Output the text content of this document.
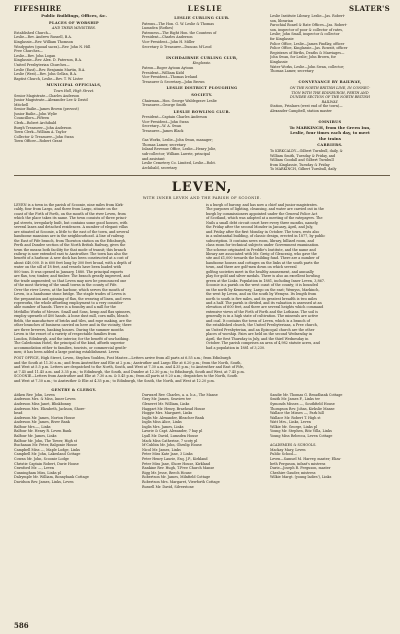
FIFESHIRE	LESLIE	SLATER'S
Public Buildings, Offices, &c.
PLACES OF WORSHIP
AND THEIR MINISTERS.
Established Church—
Leslie—Rev. Andrew Russell, B.A.
Kinglassie—Rev. William Thomson
Windygates (quoad sacra)—Rev. John N. Hill
Free Churches—
Leslie—Rev. John Logan
Kinglassie—Rev. Alex. D. Paterson, B.A.
United Presbyterian Churches—
Leslie (East)—Rev. Benjamin Martin, B.A.
Leslie (West)—Rev. John Gellan, B.A.
Baptist Church, Leslie—Rev. T. W. Lister
MUNICIPAL OFFICIALS,
Town Hall, High Street.
Senior Magistrate—Charles Anderson
Junior Magistrate—Alexander Lee & David
Mitchell
Senior Bailie—James Brown (provost)
Junior Bailie—John Wylie
Councillors—Fifteen
Clerk—Robert Archibald
Burgh Treasurer—John Anderson
Town Clerk—William A. Taylor
Collector & Treasurer—John Swan
Town Officer—Robert Grant
LESLIE CURLING CLUB.
Patrons—The Hon. G. W. Leslie & Thomas
Lumsden (Rothes)
Patroness—The Right Hon. the Countess of
President—Charles Anderson
Vice-President—John H. Miller
Secretary & Treasurer—Duncan M'Leod

INCHDAIRNIE CURLING CLUB,
Kinglassie.
Patron—Roger Aytoun Aytoun
President—William Kidd
Vice-President—Thomas Ireland
Treasurer & Secretary—John Brown
LESLIE DISTRICT PLOUGHING
SOCIETY.
Chairman—Hon. George Waldegrave Leslie
Treasurer—George Smith
LESLIE BOWLING CLUB.
President—Captain Charles Anderson
Vice-President—John Swan
Secretary—W. A. Swan
Treasurer—James Black

Gas Works, Leslie—John Swan, manager;
Thomas Lamer, secretary
Inland Revenue Office, Leslie—Henry Jolie,
sub-collector; William Lawrie, principal
and assistant
Leslie Cemetery Co. Limited, Leslie—Robt.
Archibald, secretary
Leslie Institute Library, Leslie—Jas. Robert-
son, librarian
Parochial Board & Rate Offices—Jas. Robert-
son, inspector of poor & collector of rates,
Leslie; John Small, inspector & collector
for Kinglassie
Police Office, Leslie—James Findlay, officer
Police Office, Kinglassie—Jas. Rowatt, officer
Registrars of Births, Deaths & Marriages—
John Swan, for Leslie; John Brown, for
Kinglassie
Water Works, Leslie—John Swan, collector;
Thomas Lamer, secretary

CONVEYANCE BY RAILWAY,
ON THE NORTH BRITISH LINE, IN CONNEC-
TION WITH THE EDINBURGH, PERTH AND
DUNDEE SECTION OF THE NORTH BRITISH
RAILWAY.
Station, Prinlaws (west end of the town)—
Alexander Campbell, station master

OMNIBUS
To MARKINCH, from the Green Inn,
Leslie, four times each day, to meet
the trains
CARRIERS.
To KIRKCALDY—Gilbert Turnbull, daily, &
William Smith, Tuesday & Friday, and
William Goodall and Gilbert Turnbull
from Kinglassie, Tuesday & Friday
To MARKINCH, Gilbert Turnbull, daily
LEVEN,
WITH INNER LEVEN AND THE PARISH OF SCOONIE.
LEVEN is a town in the parish of Scoonie, nine miles from Kirk-
caldy, four from Largo, and three from Largo, situate on the
coast of the Firth of Forth, on the mouth of the river Leven, from
which the place takes its name. The town consists of three princi-
pal streets, irregularly built, but contains some good houses, with
several lanes and detached residences. A number of elegant villas
are situated at Scoonie, a little to the east of the town, and several
handsome mansions are in the neighbourhood. A line of railway,
the East of Fife branch, from Thornton station on the Edinburgh,
Perth and Dundee section of the North British Railway, gives the
town the means both facility for that mode of transit; this branch
railway is now extended east to Anstruther. The town has also the
benefit of a harbour. A new dock has been constructed at a cost of
about £40,000. It is 600 feet long by 300 feet broad, with a depth of
water on the sill of 18 feet, and vessels have been loaded with
800 tons. It was opened in January, 1880. The principal exports
are flax, tow, timber, and timber. The branch greatly improved, and
the trade augmented; so that Leven may now be pronounced one
of the most thriving of the small towns in the county of Fife.
Over the river Leven, at the harbour, which serves the mouth of
Leven, is a handsome stone bridge. The staple trades of Leven is
the preparation and spinning of flax, the weaving of linen, and even
ropeworks, the whole affording employment to a very consider-
able number of hands. There is a foundry and a mill for the
Methilbo Works of Messrs. Small and Sons, hemp and flax spinners,
employ upwards of 400 hands. A bone dust mill, corn mills, bleach
fields, the manufacture of bricks and tiles, and rope making, are the
other branches of business carried on here and in the vicinity; there
are three brewers, banking houses. During the summer months
Leven is the resort of a variety of respectable families from
London, Edinburgh, and the interior, for the benefit of sea-bathing.
The Caledonian Hotel, the principal of the kind, affords superior
accommodation either to families, tourists, or commercial gentle-
men; it has been added a large posting establishment. Leven
is a burgh of barony, and has now a chief and junior magistrates.
The purposes of lighting, cleansing, and water are carried out in the
burgh by commissioners appointed under the General Police Act
of Scotland, which was adopted at a meeting of the ratepayers. The
Nuils a small debt circuit court here every three months, namely,
the Friday after the second Monder in January, April, and July,
and Friday after the first Monday in October. The town, rests also
in a substantial building, of classic design, erected in 1877, by public
subscription. It contains news room, library, billiard room, and
class room for technical subjects under Government examination.
The scheme originated in Freddie's Institute, and the name and
library are associated with Mr. Greig of Glencraig, who gave the
site and £1,000 towards the building fund. There are a number of
handsome houses and cottages on the links at the south parts the
town, and there are golf-men down on which several
golfing societies meet in the healthy amusement, and annually
play for gold and silver medals. There is also an excellent bowling
green at the Links. Population in 1881, including Inner Leven, 3,867.
Scoonie is a parish on the west coast of the county; it is bounded
on the north by Kennoway; Largo on the east; Wemyss, Markinch,
the west by Leven, and on the south by Wemyss. Its length from
north to south is five miles, and its greatest breadth is two miles
and a half. The parish is divided, and its valuation is assessed at an
elevation of 600 feet, and there are several heights which command
extensive views of the Firth of Forth and the Lothians. The soil is
generally is in a high state of cultivation. The minerals are active
and coal. It contains the town of Leven, which is a branch of
the established church, the United Presbyterians, a Free church,
an United Presbyterian, and an Episcopal church are the other
places of worship. Fairs are held on the second Wednesday in
April, the first Thursday in July, and the third Wednesday in
October. The parish comprises an area of 4,982 statute acres, and
had a population in 1881 of 3,230.
POST OFFICE, High Street, Leven, Stephen Youlden, Post Master.—Letters arrive from all parts at 6.55 a.m.; from Edinburgh
and the South at 11.30 a.m.; and from Anstruther and Elie at 2 p.m.; Anstruther and Largo Elie at 6.20 p.m.; from the North, South,
and West at 5.5 p.m. Letters are despatched to the North, South, and West at 7.30 a.m. and 4.35 p.m.; to Anstruther and East of Fife,
at 7.45 and 11.45 a.m. and 3.35 p.m.; to Edinburgh, the South, and Dundee at 12.30 p.m.; to Edinburgh, South and West, at 7.45 p.m.
SCOONIE—Letters from Anstruther and Elie at 7.30 a.m. & 5.45 p.m.; from all parts at 9.20 a.m.; despatches to the North, South
and West at 7.30 a.m.; to Anstruther & Elie at 4.35 p.m.; to Edinburgh, the South, the North, and West at 12.20 p.m.
GENTRY & CLERGY.
Aitken Rev. John, Leven
Anderson Mrs. & Miss, Inner Leven
Anderson Miss Janet, Blinkbonny
Anderson Mrs. Elizabeth, Jackson, Shore-
head
Anderson Mr. James, Norton House
Anderson Mr. James, River Bank
Balfour Mrs.—, Links
Balfour Mr. Henry R. Leven Bank
Balfour Mr. James, Links
Balfour Mr. John, The Tower, High st
Buchanan Mr. Peter, Balgonie House
Campbell Miss —, Maple Lodge, Links
Campbell Mr. John, Lakesland Cottage
Cowan Mr. John, Scoonie Lodge
Christie Captain Robert, Durie House
Crawford Mr. —, Leven
Cunningham Miss, Links pl
Dalrymple Mr. William, Bonnybank Cottage
Davidson Rev. James, Links, Leven
Durward Rev. Charles, a. a. b.a., The Manse
Gray Mr. James, Seaview ter
Gleneret Mr. William, Links
Haggart Mr. Henry, Braehead House
Hoggie Mrs. Margaret, Links
Inglis Mr. Alexander, Bleacher Bank
Inglis Miss Alice, Links
Inglis Mrs. James, Links
Lawrie & Capt. Alexander, 7 bay pl
Lyall Mr. David, Lumsden House
Mack Miss Catherine, 7 scoty pl
M'Cubbin Mr. John, Ghrulip House
Nicol Mr. James, Links
Peter Miss Kate Jane, 3 Links
Peter Henry Laurie, Esq. J.P., Kirkland
Peter Miss Jane, Shore House, Kirkland
Rankine Rev. Hugh, T.Free Church Manse
Rigg Mr. Jesse, Beech House
Robertson Mr. James, Milnfield Cottage
Robertson Mrs. Margaret, Viewforth Cottage
Russell Mr. David, Silverstone
Sandie Mr. Thomas G. Broadbank Cottage
Smith Mr. James F., Links ter
Symonds Misses —, Southfield House
Thompson Rev. Johns, Kirkslie Manse
Wallace the Misses —, Park hill
Wallace Mr. Robert T. High st
Watt Mrs., Links, Leven
Wilkie Mr. George, Links pl
Young Mr. Stephen, Ritz Villa, Links
Young Miss Rebecca, Leven Cottage

ACADEMIES & SCHOOLS.
Mackay Mary, Leven
Public School—
Leven—Samuel M. Harvey, master; Eliza-
beth Ferguson, infant's mistress
Durie—Joseph R. Ferguson, master
Cheshire Gauder, mistress
Wilkie Margt. (young ladies'), Links
586
